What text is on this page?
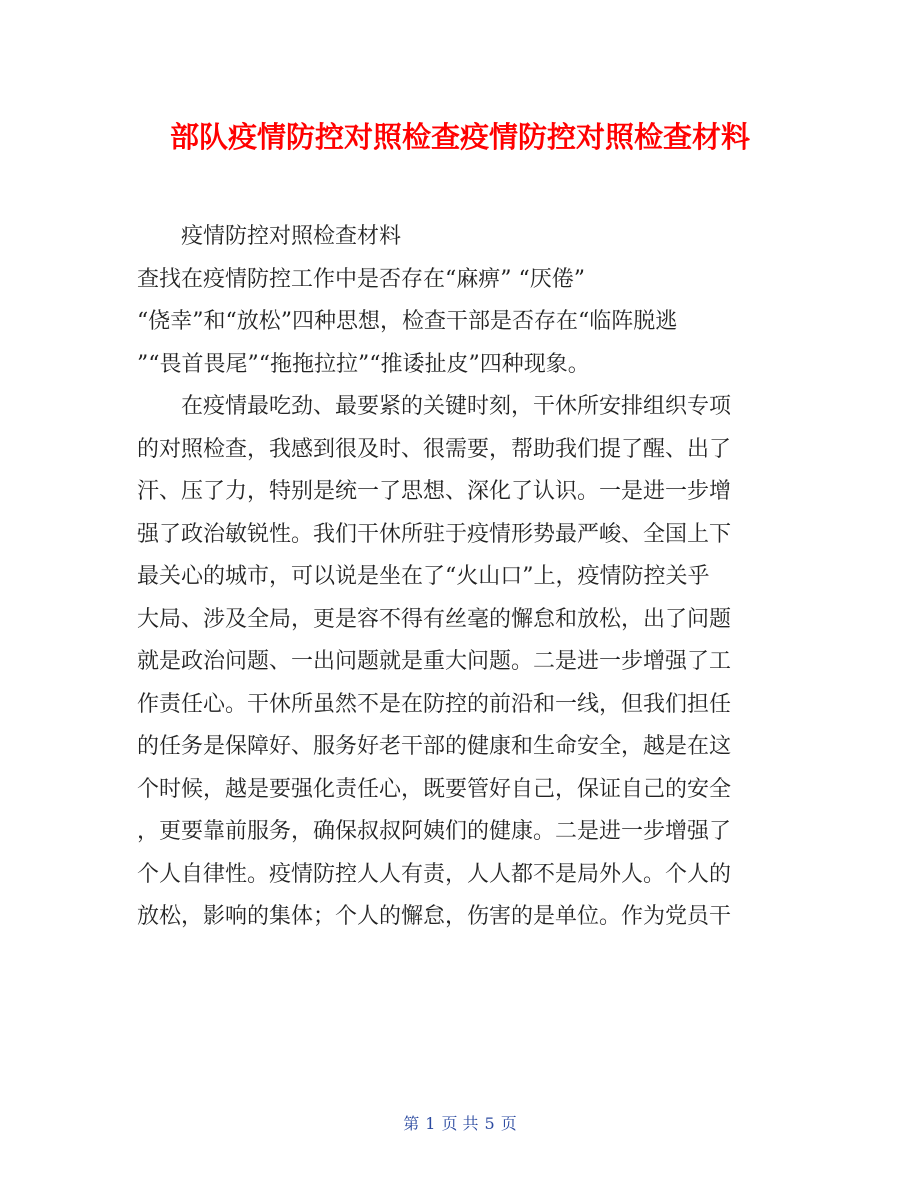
部队疫情防控对照检查疫情防控对照检查材料
疫情防控对照检查材料
查找在疫情防控工作中是否存在“麻痹” “厌倦”
“侥幸”和“放松”四种思想，检查干部是否存在“临阵脱逃
”“畏首畏尾”“拖拖拉拉”“推诿扯皮”四种现象。
在疫情最吃劲、最要紧的关键时刻，干休所安排组织专项
的对照检查，我感到很及时、很需要，帮助我们提了醒、出了
汗、压了力，特别是统一了思想、深化了认识。一是进一步增
强了政治敏锐性。我们干休所驻于疫情形势最严峻、全国上下
最关心的城市，可以说是坐在了“火山口”上，疫情防控关乎
大局、涉及全局，更是容不得有丝毫的懈怠和放松，出了问题
就是政治问题、一出问题就是重大问题。二是进一步增强了工
作责任心。干休所虽然不是在防控的前沿和一线，但我们担任
的任务是保障好、服务好老干部的健康和生命安全，越是在这
个时候，越是要强化责任心，既要管好自己，保证自己的安全
，更要靠前服务，确保叔叔阿姨们的健康。二是进一步增强了
个人自律性。疫情防控人人有责，人人都不是局外人。个人的
放松，影响的集体；个人的懈怠，伤害的是单位。作为党员干
第 1 页 共 5 页
